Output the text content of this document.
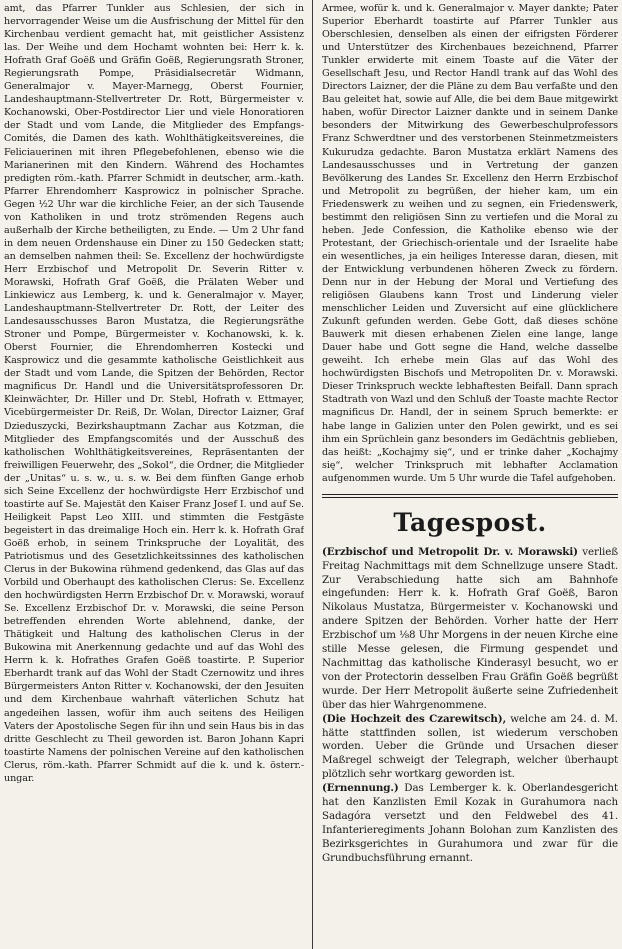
amt, das Pfarrer Tunkler aus Schlesien, der sich in hervorragender Weise um die Ausfrischung der Mittel für den Kirchenbau verdient gemacht hat, mit geistlicher Assistenz las. Der Weihe und dem Hochamt wohnten bei: Herr k. k. Hofrath Graf Goëß und Gräfin Goëß, Regierungsrath Stroner, Regierungsrath Pompe, Präsidialsecretär Widmann, Generalmajor v. Mayer-Marnegg, Oberst Fournier, Landeshauptmann-Stellvertreter Dr. Rott, Bürgermeister v. Kochanowski, Ober-Postdirector Lier und viele Honoratioren der Stadt und vom Lande, die Mitglieder des Empfangs-Comités, die Damen des kath. Wohlthätigkeitsvereines, die Feliciauerinen mit ihren Pflegebefohlenen, ebenso wie die Marianerinen mit den Kindern. Während des Hochamtes predigten röm.-kath. Pfarrer Schmidt in deutscher, arm.-kath. Pfarrer Ehrendomherr Kasprowicz in polnischer Sprache. Gegen ½2 Uhr war die kirchliche Feier, an der sich Tausende von Katholiken in und trotz strömenden Regens auch außerhalb der Kirche betheiligten, zu Ende. — Um 2 Uhr fand in dem neuen Ordenshause ein Diner zu 150 Gedecken statt; an demselben nahmen theil: Se. Excellenz der hochwürdigste Herr Erzbischof und Metropolit Dr. Severin Ritter v. Morawski, Hofrath Graf Goëß, die Prälaten Weber und Linkiewicz aus Lemberg, k. und k. Generalmajor v. Mayer, Landeshauptmann-Stellvertreter Dr. Rott, der Leiter des Landesausschusses Baron Mustatza, die Regierungsräthe Stroner und Pompe, Bürgermeister v. Kochanowski, k. k. Oberst Fournier, die Ehrendomherren Kostecki und Kasprowicz und die gesammte katholische Geistlichkeit aus der Stadt und vom Lande, die Spitzen der Behörden, Rector magnificus Dr. Handl und die Universitätsprofessoren Dr. Kleinwächter, Dr. Hiller und Dr. Stebl, Hofrath v. Ettmayer, Vicebürgermeister Dr. Reiß, Dr. Wolan, Director Laizner, Graf Dzieduszycki, Bezirkshauptmann Zachar aus Kotzman, die Mitglieder des Empfangscomités und der Ausschuß des katholischen Wohlthätigkeitsvereines, Repräsentanten der freiwilligen Feuerwehr, des „Sokol“, die Ordner, die Mitglieder der „Unitas“ u. s. w., u. s. w. Bei dem fünften Gange erhob sich Seine Excellenz der hochwürdigste Herr Erzbischof und toastirte auf Se. Majestät den Kaiser Franz Josef I. und auf Se. Heiligkeit Papst Leo XIII. und stimmten die Festgäste begeistert in das dreimalige Hoch ein. Herr k. k. Hofrath Graf Goëß erhob, in seinem Trinkspruche der Loyalität, des Patriotismus und des Gesetzlichkeitssinnes des katholischen Clerus in der Bukowina rühmend gedenkend, das Glas auf das Vorbild und Oberhaupt des katholischen Clerus: Se. Excellenz den hochwürdigsten Herrn Erzbischof Dr. v. Morawski, worauf Se. Excellenz Erzbischof Dr. v. Morawski, die seine Person betreffenden ehrenden Worte ablehnend, danke, der Thätigkeit und Haltung des katholischen Clerus in der Bukowina mit Anerkennung gedachte und auf das Wohl des Herrn k. k. Hofrathes Grafen Goëß toastirte. P. Superior Eberhardt trank auf das Wohl der Stadt Czernowitz und ihres Bürgermeisters Anton Ritter v. Kochanowski, der den Jesuiten und dem Kirchenbaue wahrhaft väterlichen Schutz hat angedeihen lassen, wofür ihm auch seitens des Heiligen Vaters der Apostolische Segen für ihn und sein Haus bis in das dritte Geschlecht zu Theil geworden ist. Baron Johann Kapri toastirte Namens der polnischen Vereine auf den katholischen Clerus, röm.-kath. Pfarrer Schmidt auf die k. und k. österr.-ungar.

Armee, wofür k. und k. Generalmajor v. Mayer dankte; Pater Superior Eberhardt toastirte auf Pfarrer Tunkler aus Oberschlesien, denselben als einen der eifrigsten Förderer und Unterstützer des Kirchenbaues bezeichnend, Pfarrer Tunkler erwiderte mit einem Toaste auf die Väter der Gesellschaft Jesu, und Rector Handl trank auf das Wohl des Directors Laizner, der die Pläne zu dem Bau verfaßte und den Bau geleitet hat, sowie auf Alle, die bei dem Baue mitgewirkt haben, wofür Director Laizner dankte und in seinem Danke besonders der Mitwirkung des Gewerbeschulprofessors Franz Schwerdtner und des verstorbenen Steinmetzmeisters Kukurudza gedachte. Baron Mustatza erklärt Namens des Landesausschusses und in Vertretung der ganzen Bevölkerung des Landes Sr. Excellenz den Herrn Erzbischof und Metropolit zu begrüßen, der hieher kam, um ein Friedenswerk zu weihen und zu segnen, ein Friedenswerk, bestimmt den religiösen Sinn zu vertiefen und die Moral zu heben. Jede Confession, die Katholike ebenso wie der Protestant, der Griechisch-orientale und der Israelite habe ein wesentliches, ja ein heiliges Interesse daran, diesen, mit der Entwicklung verbundenen höheren Zweck zu fördern. Denn nur in der Hebung der Moral und Vertiefung des religiösen Glaubens kann Trost und Linderung vieler menschlicher Leiden und Zuversicht auf eine glücklichere Zukunft gefunden werden. Gebe Gott, daß dieses schöne Bauwerk mit diesen erhabenen Zielen eine lange, lange Dauer habe und Gott segne die Hand, welche dasselbe geweiht. Ich erhebe mein Glas auf das Wohl des hochwürdigsten Bischofs und Metropoliten Dr. v. Morawski. Dieser Trinkspruch weckte lebhaftesten Beifall. Dann sprach Stadtrath von Wazl und den Schluß der Toaste machte Rector magnificus Dr. Handl, der in seinem Spruch bemerkte: er habe lange in Galizien unter den Polen gewirkt, und es sei ihm ein Sprüchlein ganz besonders im Gedächtnis geblieben, das heißt: „Kochajmy się“, und er trinke daher „Kochajmy się“, welcher Trinkspruch mit lebhafter Acclamation aufgenommen wurde. Um 5 Uhr wurde die Tafel aufgehoben.

Tagespost.

(Erzbischof und Metropolit Dr. v. Morawski) verließ Freitag Nachmittags mit dem Schnellzuge unsere Stadt. Zur Verabschiedung hatte sich am Bahnhofe eingefunden: Herr k. k. Hofrath Graf Goëß, Baron Nikolaus Mustatza, Bürgermeister v. Kochanowski und andere Spitzen der Behörden. Vorher hatte der Herr Erzbischof um ⅛8 Uhr Morgens in der neuen Kirche eine stille Messe gelesen, die Firmung gespendet und Nachmittag das katholische Kinderasyl besucht, wo er von der Protectorin desselben Frau Gräfin Goëß begrüßt wurde. Der Herr Metropolit äußerte seine Zufriedenheit über das hier Wahrgenommene.

(Die Hochzeit des Czarewitsch), welche am 24. d. M. hätte stattfinden sollen, ist wiederum verschoben worden. Ueber die Gründe und Ursachen dieser Maßregel schweigt der Telegraph, welcher überhaupt plötzlich sehr wortkarg geworden ist.

(Ernennung.) Das Lemberger k. k. Oberlandesgericht hat den Kanzlisten Emil Kozak in Gurahumora nach Sadagóra versetzt und den Feldwebel des 41. Infanterieregiments Johann Bolohan zum Kanzlisten des Bezirksgerichtes in Gurahumora und zwar für die Grundbuchsführung ernannt.
